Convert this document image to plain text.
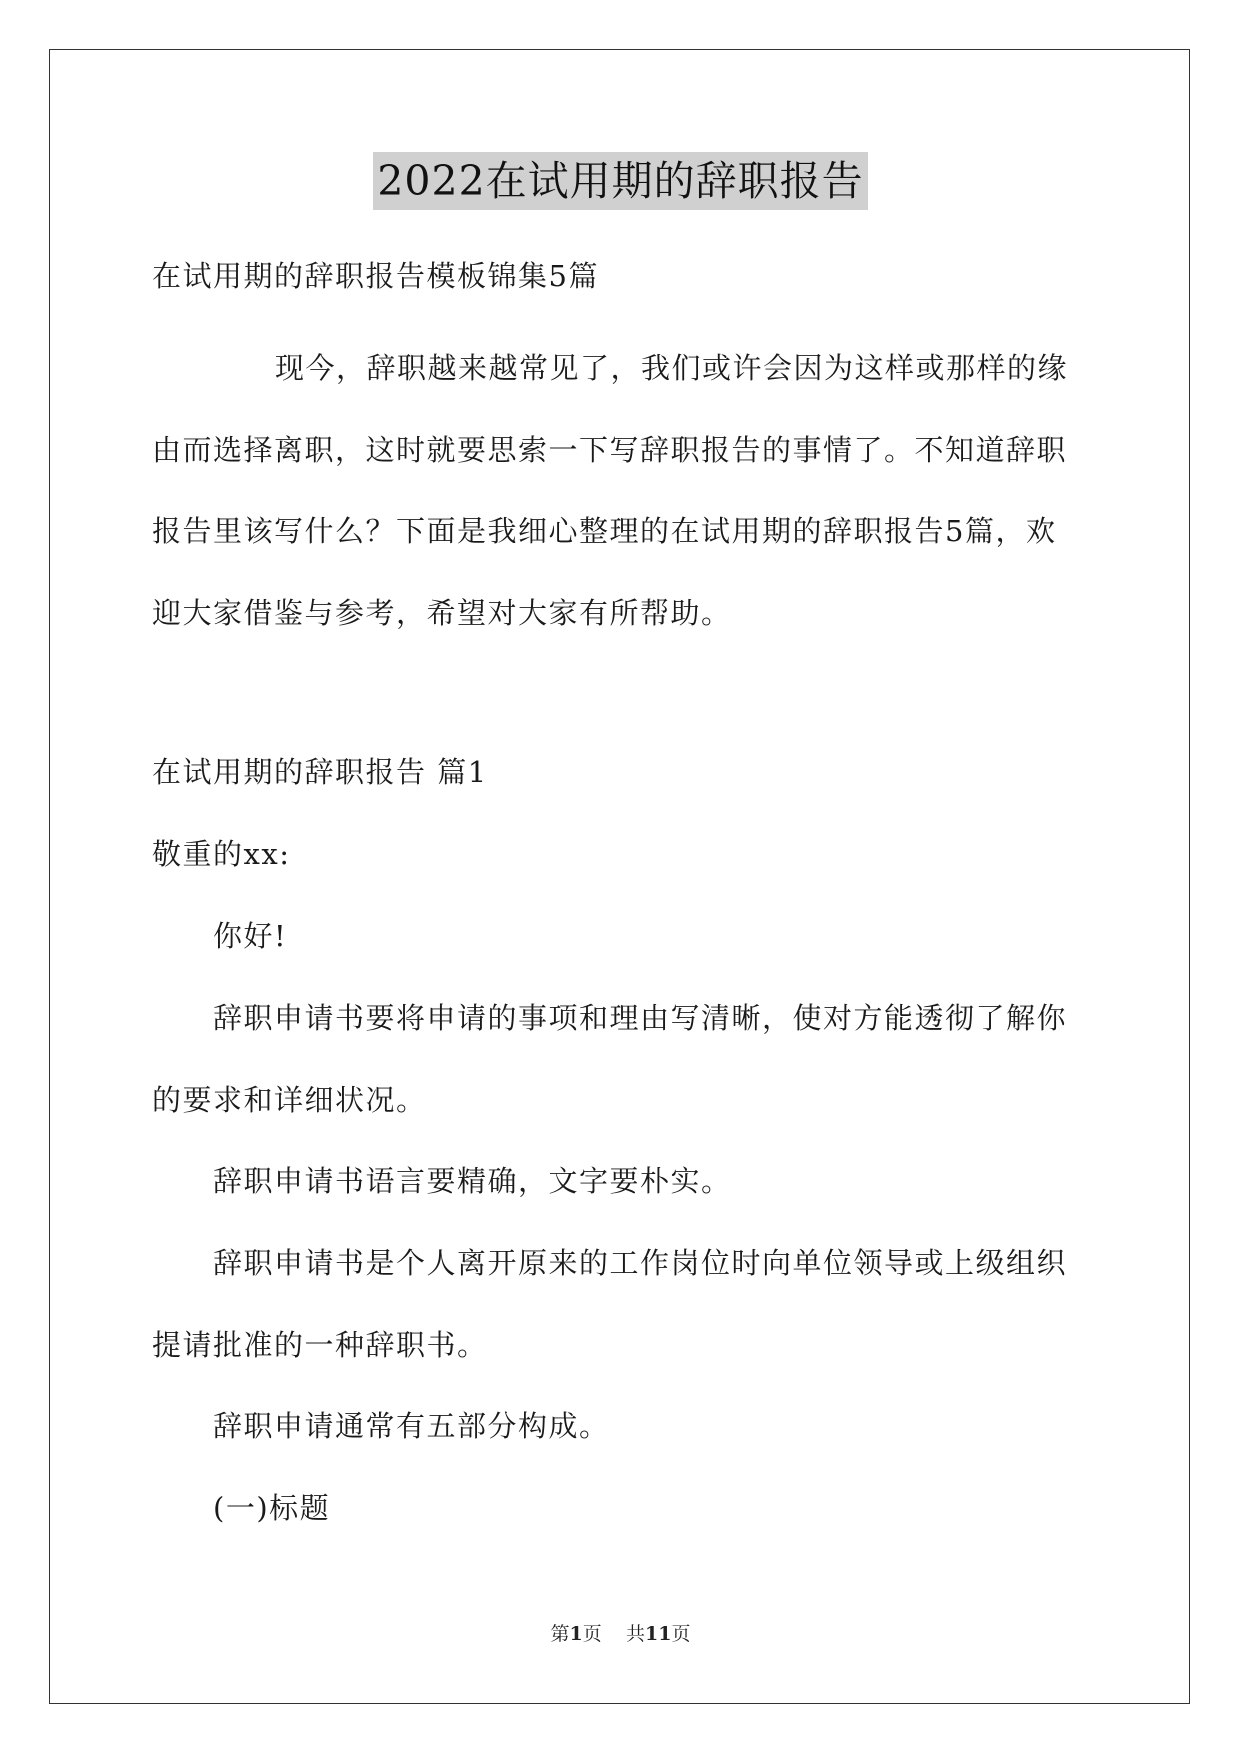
2022在试用期的辞职报告
在试用期的辞职报告模板锦集5篇
现今，辞职越来越常见了，我们或许会因为这样或那样的缘
由而选择离职，这时就要思索一下写辞职报告的事情了。不知道辞职
报告里该写什么？下面是我细心整理的在试用期的辞职报告5篇，欢
迎大家借鉴与参考，希望对大家有所帮助。
在试用期的辞职报告 篇1
敬重的xx:
你好!
辞职申请书要将申请的事项和理由写清晰，使对方能透彻了解你
的要求和详细状况。
辞职申请书语言要精确，文字要朴实。
辞职申请书是个人离开原来的工作岗位时向单位领导或上级组织
提请批准的一种辞职书。
辞职申请通常有五部分构成。
(一)标题
第1页 共11页
